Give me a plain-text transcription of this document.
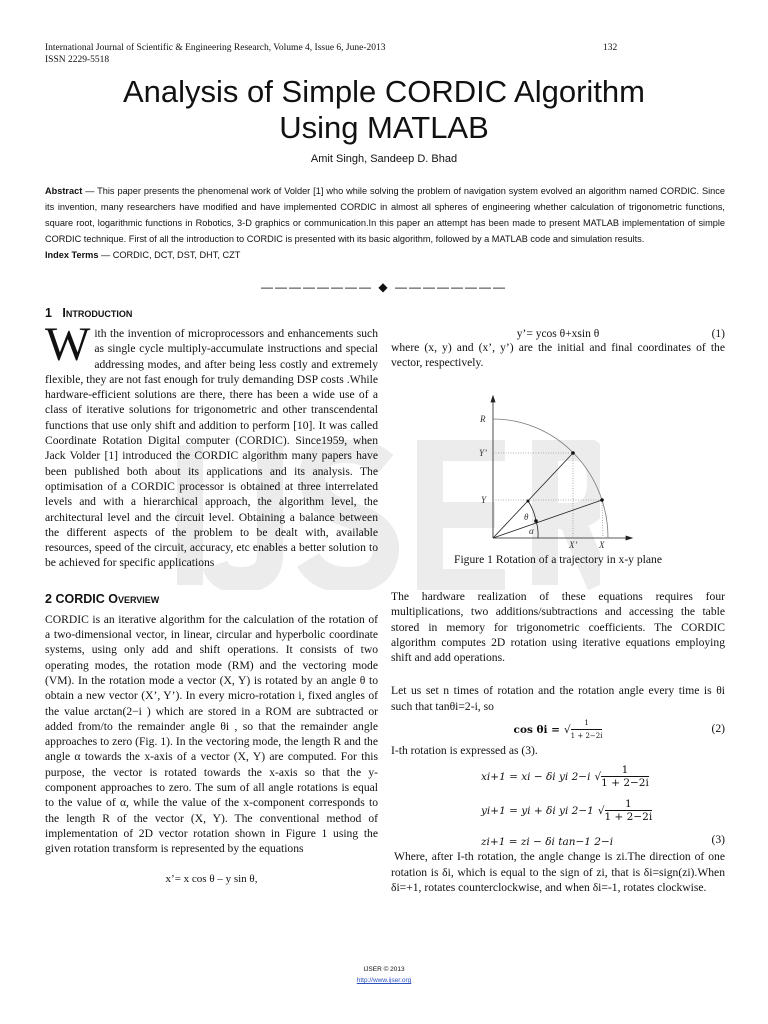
International Journal of Scientific & Engineering Research, Volume 4, Issue 6, June-2013
ISSN 2229-5518
132
Analysis of Simple CORDIC Algorithm Using MATLAB
Amit Singh, Sandeep D. Bhad
Abstract — This paper presents the phenomenal work of Volder [1] who while solving the problem of navigation system evolved an algorithm named CORDIC. Since its invention, many researchers have modified and have implemented CORDIC in almost all spheres of engineering whether calculation of trigonometric functions, square root, logarithmic functions in Robotics, 3-D graphics or communication.In this paper an attempt has been made to present MATLAB implementation of simple CORDIC technique. First of all the introduction to CORDIC is presented with its basic algorithm, followed by a MATLAB code and simulation results.
Index Terms — CORDIC, DCT, DST, DHT, CZT
———————— ◆ ————————
1 Introduction
With the invention of microprocessors and enhancements such as single cycle multiply-accumulate instructions and special addressing modes, and after being less costly and extremely flexible, they are not fast enough for truly demanding DSP costs .While hardware-efficient solutions are there, there has been a wide use of a class of iterative solutions for trigonometric and other transcendental functions that use only shift and addition to perform [10]. It was called Coordinate Rotation Digital computer (CORDIC). Since1959, when Jack Volder [1] introduced the CORDIC algorithm many papers have been published both about its applications and its analysis. The optimisation of a CORDIC processor is obtained at three interrelated levels and with a hierarchical approach, the algorithm level, the architectural level and the circuit level. Obtaining a balance between the different aspects of the problem to be dealt with, available resources, speed of the circuit, accuracy, etc enables a better solution to be achieved for specific applications
2 CORDIC Overview
CORDIC is an iterative algorithm for the calculation of the rotation of a two-dimensional vector, in linear, circular and hyperbolic coordinate systems, using only add and shift operations. It consists of two operating modes, the rotation mode (RM) and the vectoring mode (VM). In the rotation mode a vector (X, Y) is rotated by an angle θ to obtain a new vector (X’, Y’). In every micro-rotation i, fixed angles of the value arctan(2−i ) which are stored in a ROM are subtracted or added from/to the remainder angle θi , so that the remainder angle approaches to zero (Fig. 1). In the vectoring mode, the length R and the angle α towards the x-axis of a vector (X, Y) are computed. For this purpose, the vector is rotated towards the x-axis so that the y-component approaches to zero. The sum of all angle rotations is equal to the value of α, while the value of the x-component corresponds to the length R of the vector (X, Y). The conventional method of implementation of 2D vector rotation shown in Figure 1 using the given rotation transform is represented by the equations
x’= x cos θ – y sin θ,
y’= ycos θ+xsin θ	(1)
where (x, y) and (x’, y’) are the initial and final coordinates of the vector, respectively.
R
Y’
Y
θ
α
X’ X
Figure 1 Rotation of a trajectory in x-y plane
The hardware realization of these equations requires four multiplications, two additions/subtractions and accessing the table stored in memory for trigonometric coefficients. The CORDIC algorithm computes 2D rotation using iterative equations employing shift and add operations.
Let us set n times of rotation and the rotation angle every time is θi such that tanθi=2-i, so
cos θi = √ $\frac{1}{1 + 2-2i}$	(2)
I-th rotation is expressed as (3).
xi+1 = xi − δi yi 2−i √ $\frac{1}{1 + 2-2i}$
yi+1 = yi + δi yi 2−1 √ $\frac{1}{1 + 2-2i}$
zi+1 = zi − δi tan−1 2−i	(3)
Where, after I-th rotation, the angle change is zi.The direction of one rotation is δi, which is equal to the sign of zi, that is δi=sign(zi).When δi=+1, rotates counterclockwise, and when δi=-1, rotates clockwise.
IJSER © 2013
http://www.ijser.org
